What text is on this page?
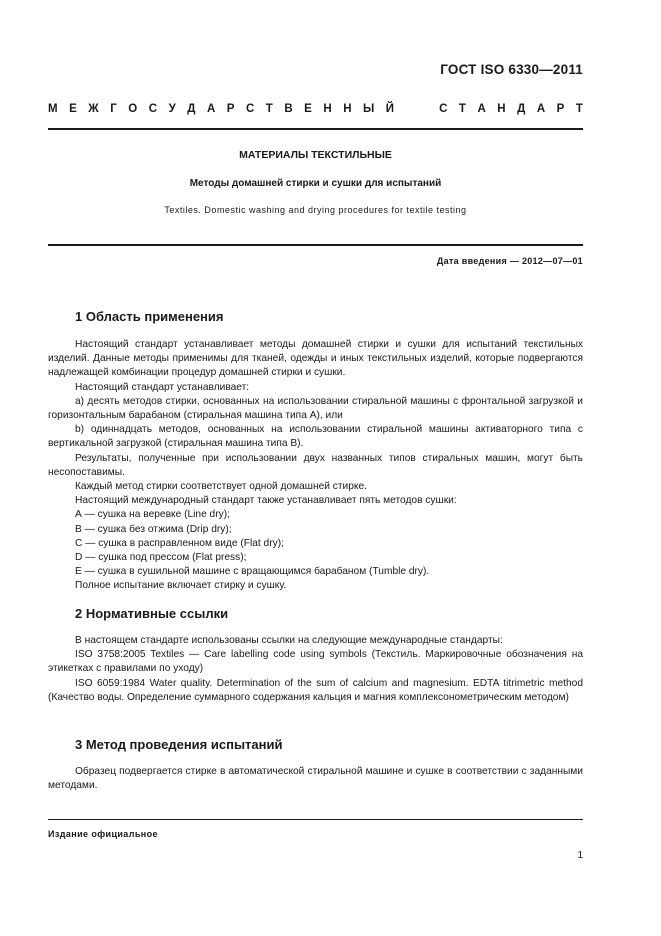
ГОСТ ISO 6330—2011
М Е Ж Г О С У Д А Р С Т В Е Н Н Ы Й	С Т А Н Д А Р Т
МАТЕРИАЛЫ ТЕКСТИЛЬНЫЕ
Методы домашней стирки и сушки для испытаний
Textiles. Domestic washing and drying procedures for textile testing
Дата введения — 2012—07—01
1 Область применения

Настоящий стандарт устанавливает методы домашней стирки и сушки для испытаний текстильных изделий. Данные методы применимы для тканей, одежды и иных текстильных изделий, которые подвергаются надлежащей комбинации процедур домашней стирки и сушки.

Настоящий стандарт устанавливает:

а) десять методов стирки, основанных на использовании стиральной машины с фронтальной загрузкой и горизонтальным барабаном (стиральная машина типа А), или

b) одиннадцать методов, основанных на использовании стиральной машины активаторного типа с вертикальной загрузкой (стиральная машина типа В).

Результаты, полученные при использовании двух названных типов стиральных машин, могут быть несопоставимы.

Каждый метод стирки соответствует одной домашней стирке.

Настоящий международный стандарт также устанавливает пять методов сушки:

А — сушка на веревке (Line dry);

В — сушка без отжима (Drip dry);

С — сушка в расправленном виде (Flat dry);

D — сушка под прессом (Flat press);

Е — сушка в сушильной машине с вращающимся барабаном (Tumble dry).

Полное испытание включает стирку и сушку.

2 Нормативные ссылки

В настоящем стандарте использованы ссылки на следующие международные стандарты:

ISO 3758:2005 Textiles — Care labelling code using symbols (Текстиль. Маркировочные обозначения на этикетках с правилами по уходу)

ISO 6059:1984 Water quality. Determination of the sum of calcium and magnesium. EDTA titrimetric method (Качество воды. Определение суммарного содержания кальция и магния комплексонометрическим методом)

3 Метод проведения испытаний

Образец подвергается стирке в автоматической стиральной машине и сушке в соответствии с заданными методами.

Издание официальное
1
